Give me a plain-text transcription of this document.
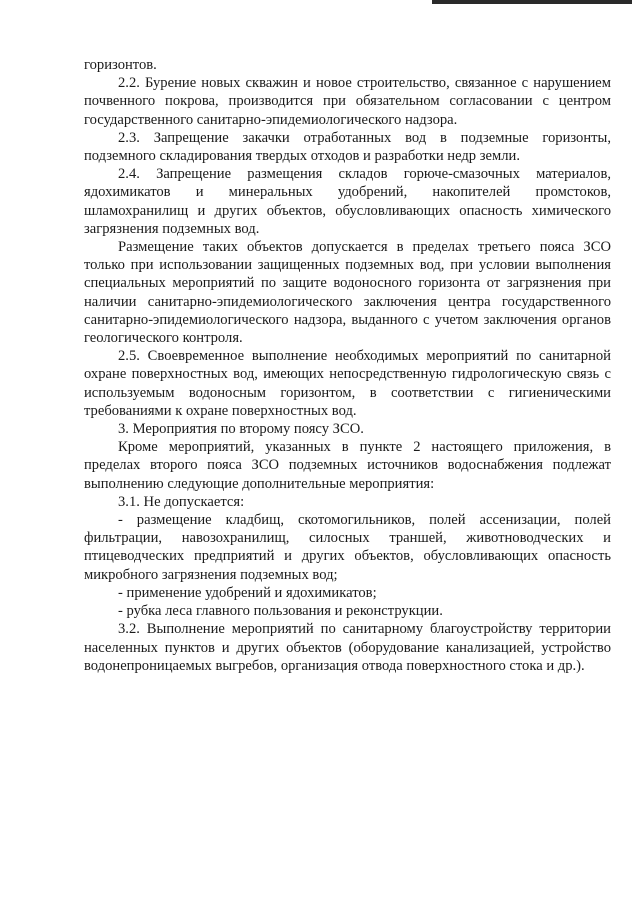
горизонтов.

2.2. Бурение новых скважин и новое строительство, связанное с нарушением почвенного покрова, производится при обязательном согласовании с центром государственного санитарно-эпидемиологического надзора.

2.3. Запрещение закачки отработанных вод в подземные горизонты, подземного складирования твердых отходов и разработки недр земли.

2.4. Запрещение размещения складов горюче-смазочных материалов, ядохимикатов и минеральных удобрений, накопителей промстоков, шламохранилищ и других объектов, обусловливающих опасность химического загрязнения подземных вод.

Размещение таких объектов допускается в пределах третьего пояса ЗСО только при использовании защищенных подземных вод, при условии выполнения специальных мероприятий по защите водоносного горизонта от загрязнения при наличии санитарно-эпидемиологического заключения центра государственного санитарно-эпидемиологического надзора, выданного с учетом заключения органов геологического контроля.

2.5. Своевременное выполнение необходимых мероприятий по санитарной охране поверхностных вод, имеющих непосредственную гидрологическую связь с используемым водоносным горизонтом, в соответствии с гигиеническими требованиями к охране поверхностных вод.

3. Мероприятия по второму поясу ЗСО.

Кроме мероприятий, указанных в пункте 2 настоящего приложения, в пределах второго пояса ЗСО подземных источников водоснабжения подлежат выполнению следующие дополнительные мероприятия:

3.1. Не допускается:

- размещение кладбищ, скотомогильников, полей ассенизации, полей фильтрации, навозохранилищ, силосных траншей, животноводческих и птицеводческих предприятий и других объектов, обусловливающих опасность микробного загрязнения подземных вод;

- применение удобрений и ядохимикатов;

- рубка леса главного пользования и реконструкции.

3.2. Выполнение мероприятий по санитарному благоустройству территории населенных пунктов и других объектов (оборудование канализацией, устройство водонепроницаемых выгребов, организация отвода поверхностного стока и др.).
